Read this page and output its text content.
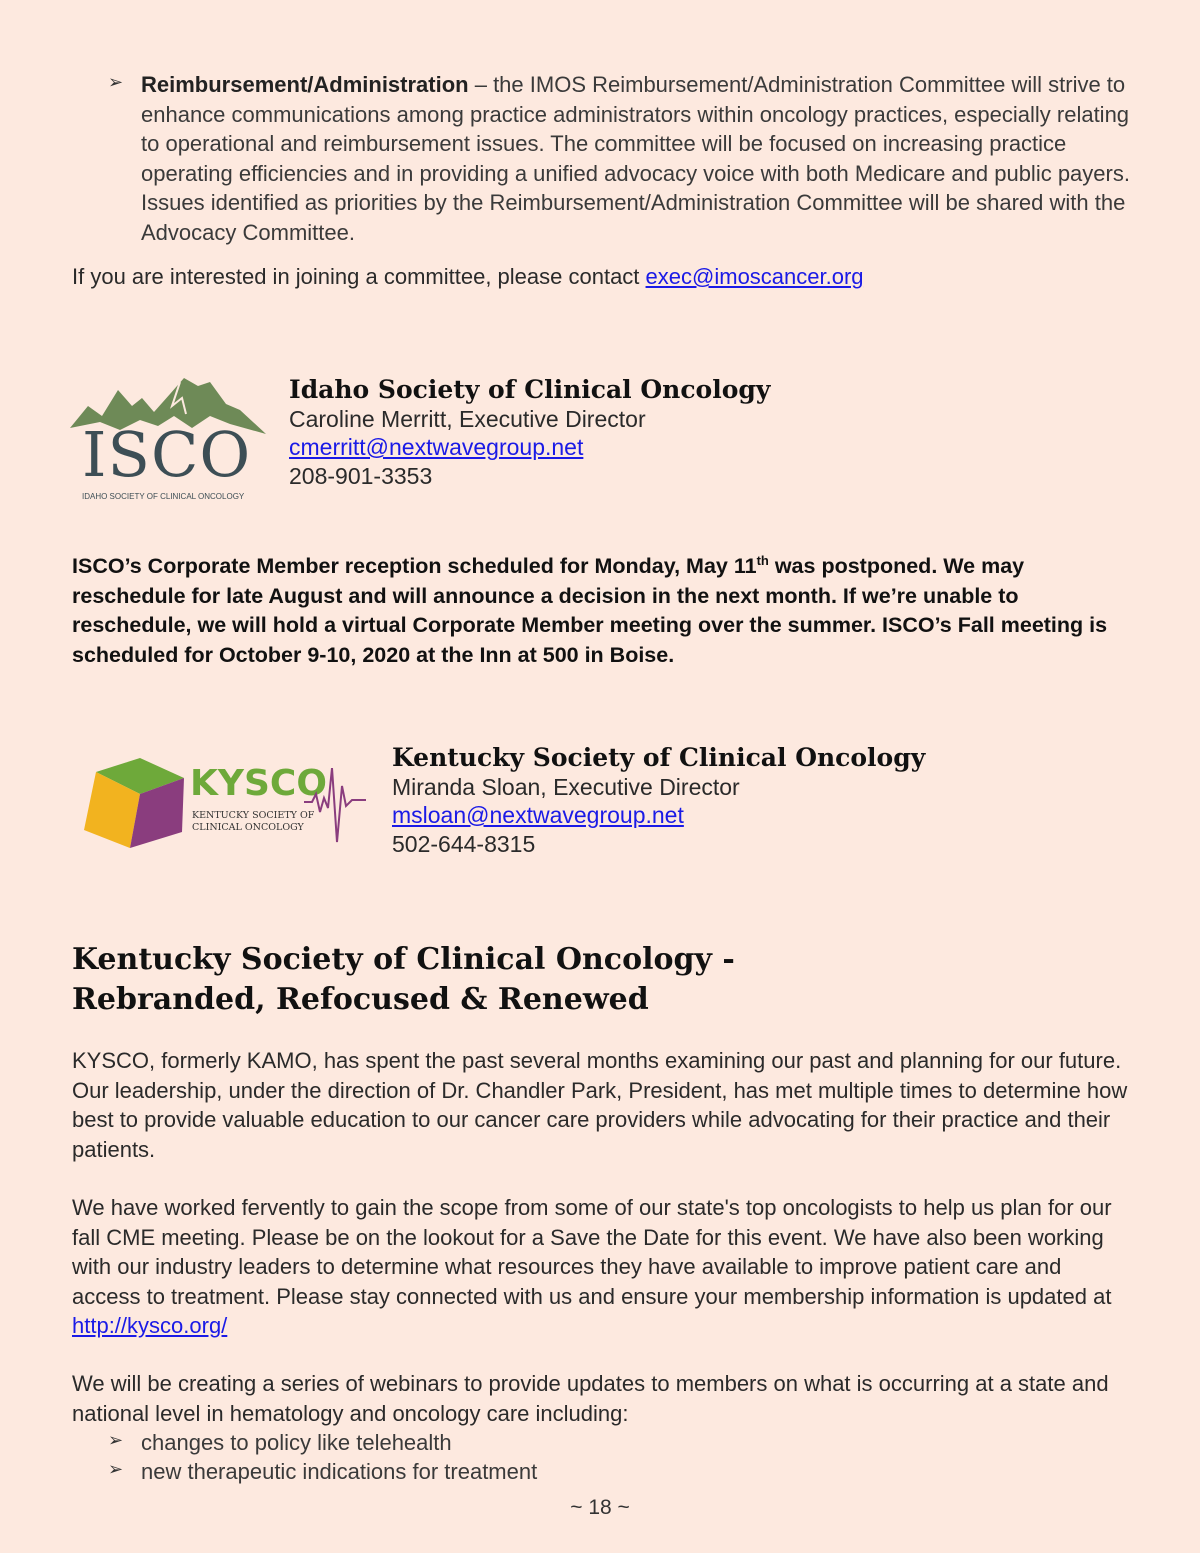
➢ Reimbursement/Administration – the IMOS Reimbursement/Administration Committee will strive to enhance communications among practice administrators within oncology practices, especially relating to operational and reimbursement issues. The committee will be focused on increasing practice operating efficiencies and in providing a unified advocacy voice with both Medicare and public payers. Issues identified as priorities by the Reimbursement/Administration Committee will be shared with the Advocacy Committee.
If you are interested in joining a committee, please contact exec@imoscancer.org
ISCO
IDAHO SOCIETY OF CLINICAL ONCOLOGY
Idaho Society of Clinical Oncology
Caroline Merritt, Executive Director
cmerritt@nextwavegroup.net
208-901-3353
ISCO’s Corporate Member reception scheduled for Monday, May 11th was postponed. We may reschedule for late August and will announce a decision in the next month. If we’re unable to reschedule, we will hold a virtual Corporate Member meeting over the summer. ISCO’s Fall meeting is scheduled for October 9-10, 2020 at the Inn at 500 in Boise.
KYSCO
KENTUCKY SOCIETY OF
CLINICAL ONCOLOGY
Kentucky Society of Clinical Oncology
Miranda Sloan, Executive Director
msloan@nextwavegroup.net
502-644-8315
Kentucky Society of Clinical Oncology -
Rebranded, Refocused & Renewed
KYSCO, formerly KAMO, has spent the past several months examining our past and planning for our future. Our leadership, under the direction of Dr. Chandler Park, President, has met multiple times to determine how best to provide valuable education to our cancer care providers while advocating for their practice and their patients.
We have worked fervently to gain the scope from some of our state's top oncologists to help us plan for our fall CME meeting. Please be on the lookout for a Save the Date for this event. We have also been working with our industry leaders to determine what resources they have available to improve patient care and access to treatment. Please stay connected with us and ensure your membership information is updated at http://kysco.org/
We will be creating a series of webinars to provide updates to members on what is occurring at a state and national level in hematology and oncology care including:
➢ changes to policy like telehealth
➢ new therapeutic indications for treatment
~ 18 ~
